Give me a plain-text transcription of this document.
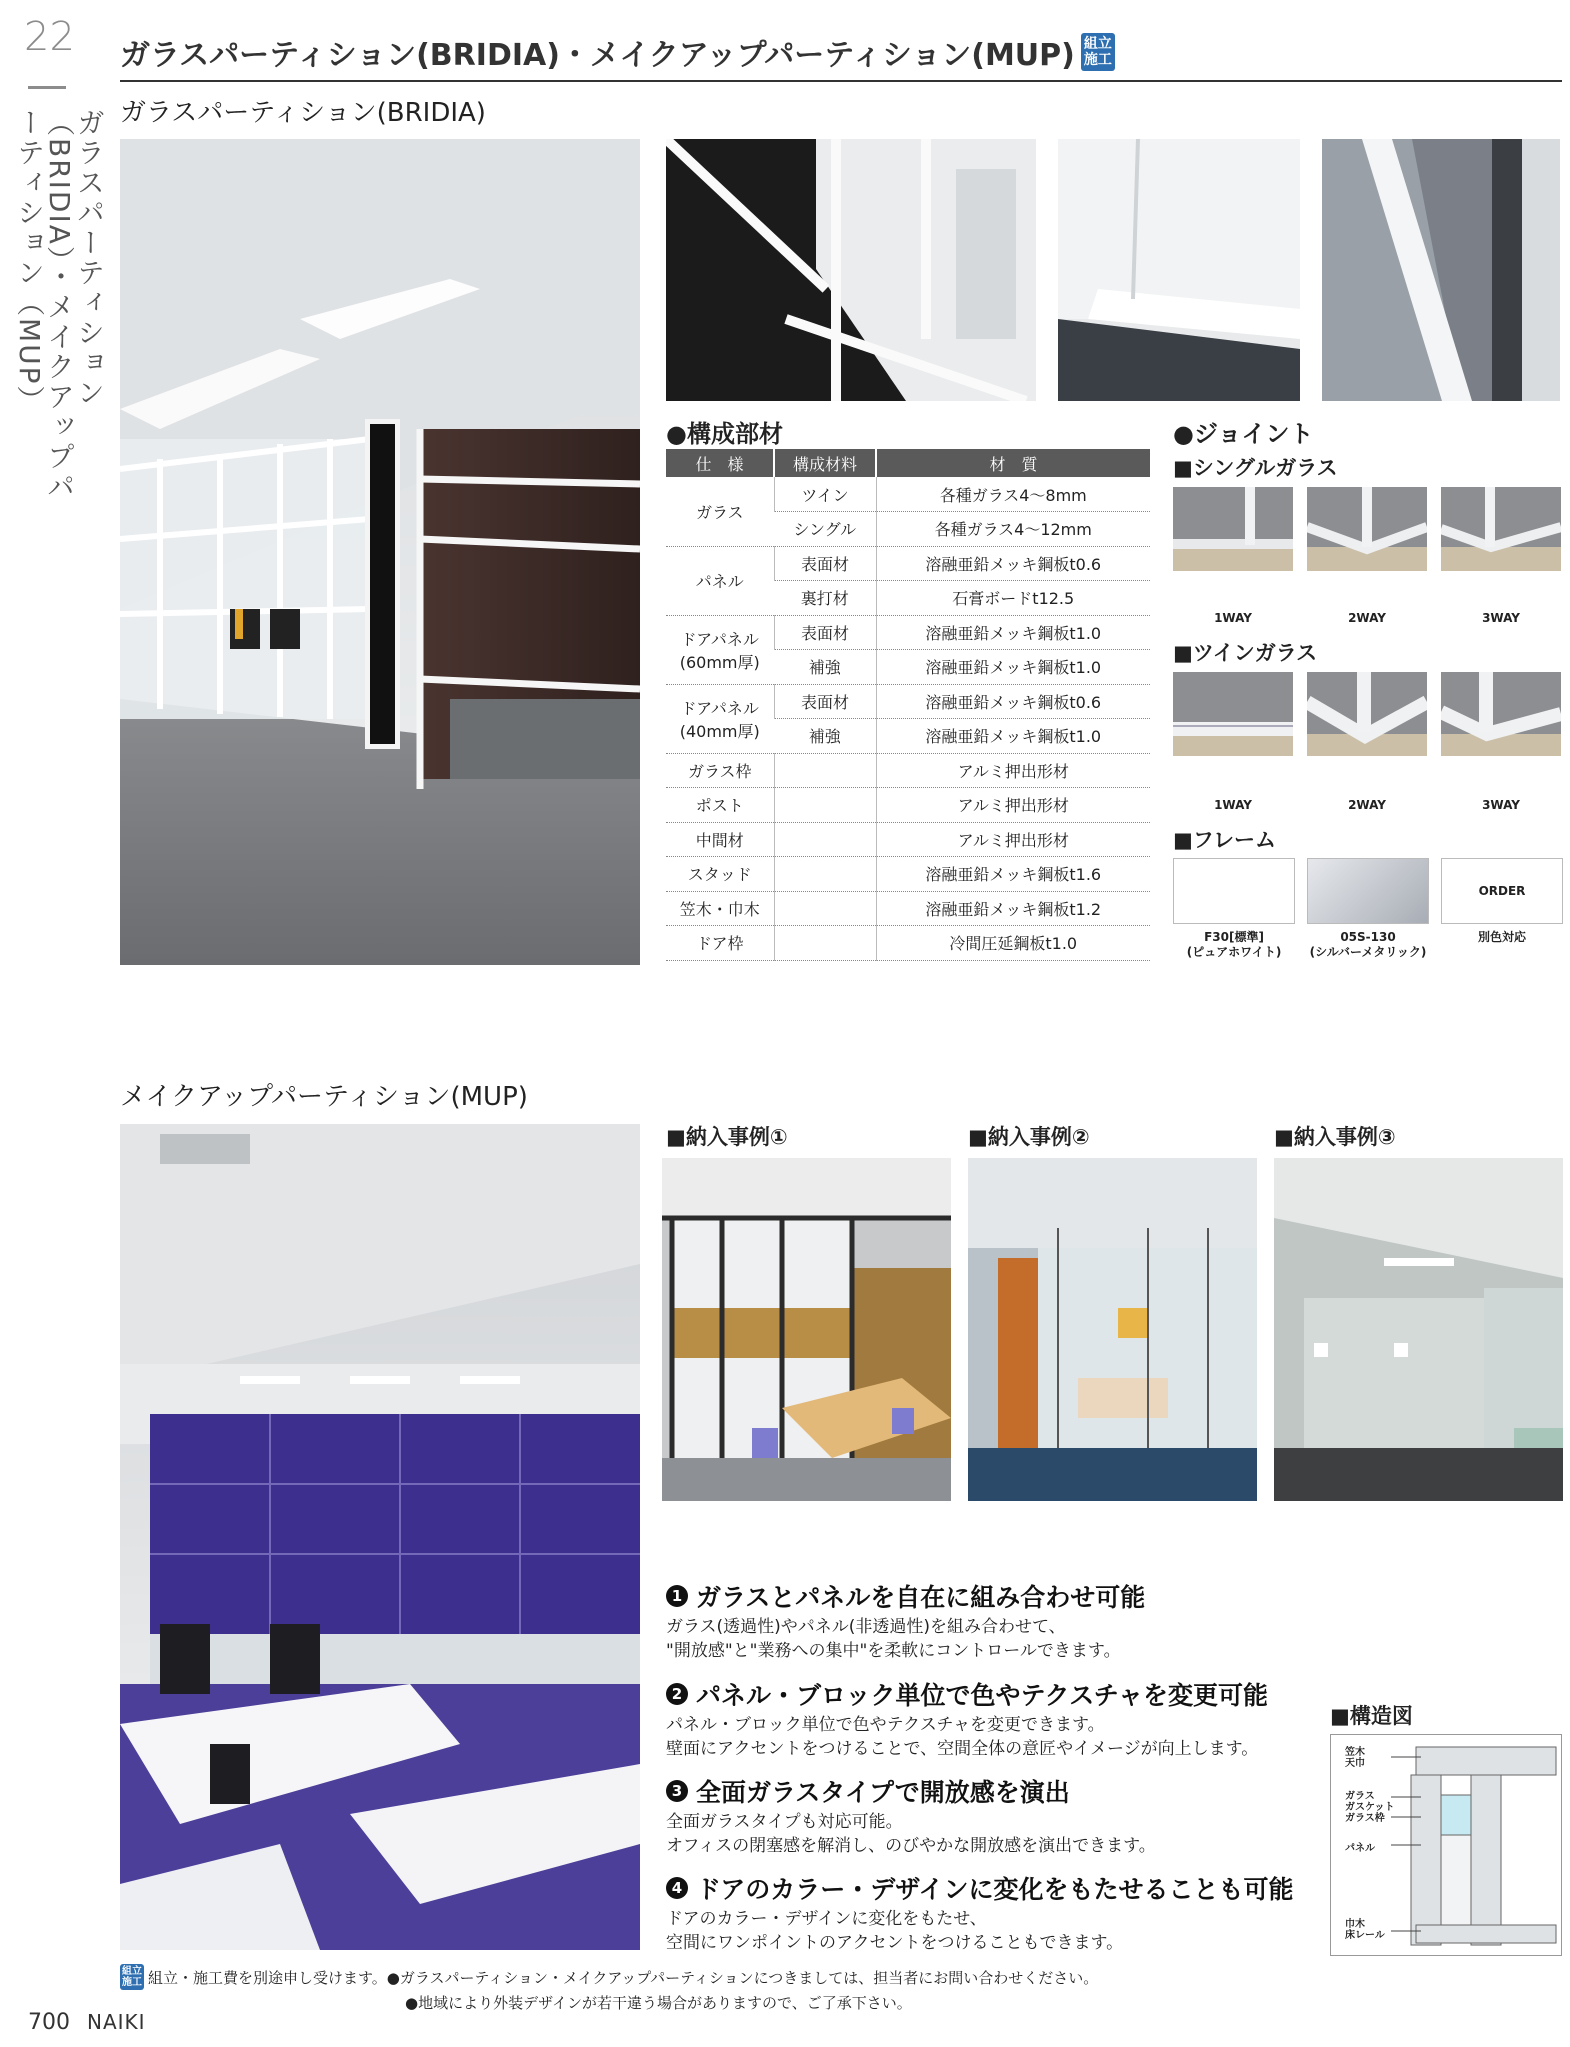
22
ガラスパーティション（BRIDIA）・メイクアップパーティション（MUP）
ガラスパーティション(BRIDIA)・メイクアップパーティション(MUP) 組立
施工
ガラスパーティション(BRIDIA)
●構成部材
仕　様	構成材料	材　質
ガラス	ツイン	各種ガラス4～8mm
	シングル	各種ガラス4～12mm
パネル	表面材	溶融亜鉛メッキ鋼板t0.6
	裏打材	石膏ボードt12.5
ドアパネル
(60mm厚)	表面材	溶融亜鉛メッキ鋼板t1.0
	補強	溶融亜鉛メッキ鋼板t1.0
ドアパネル
(40mm厚)	表面材	溶融亜鉛メッキ鋼板t0.6
	補強	溶融亜鉛メッキ鋼板t1.0
ガラス枠		アルミ押出形材
ポスト		アルミ押出形材
中間材		アルミ押出形材
スタッド		溶融亜鉛メッキ鋼板t1.6
笠木・巾木		溶融亜鉛メッキ鋼板t1.2
ドア枠		冷間圧延鋼板t1.0
●ジョイント
■シングルガラス
1WAY	2WAY	3WAY
■ツインガラス
1WAY	2WAY	3WAY
■フレーム
ORDER
F30[標準]
(ピュアホワイト)
05S-130
(シルバーメタリック)
別色対応
メイクアップパーティション(MUP)
■納入事例①	■納入事例②	■納入事例③
1 ガラスとパネルを自在に組み合わせ可能
ガラス(透過性)やパネル(非透過性)を組み合わせて、
"開放感"と"業務への集中"を柔軟にコントロールできます。
2 パネル・ブロック単位で色やテクスチャを変更可能
パネル・ブロック単位で色やテクスチャを変更できます。
壁面にアクセントをつけることで、空間全体の意匠やイメージが向上します。
3 全面ガラスタイプで開放感を演出
全面ガラスタイプも対応可能。
オフィスの閉塞感を解消し、のびやかな開放感を演出できます。
4 ドアのカラー・デザインに変化をもたせることも可能
ドアのカラー・デザインに変化をもたせ、
空間にワンポイントのアクセントをつけることもできます。
■構造図
笠木
天巾
ガラス
ガスケット
ガラス枠
パネル
巾木
床レール
組立
施工 組立・施工費を別途申し受けます。●ガラスパーティション・メイクアップパーティションにつきましては、担当者にお問い合わせください。
●地域により外装デザインが若干違う場合がありますので、ご了承下さい。
700 NAIKI
